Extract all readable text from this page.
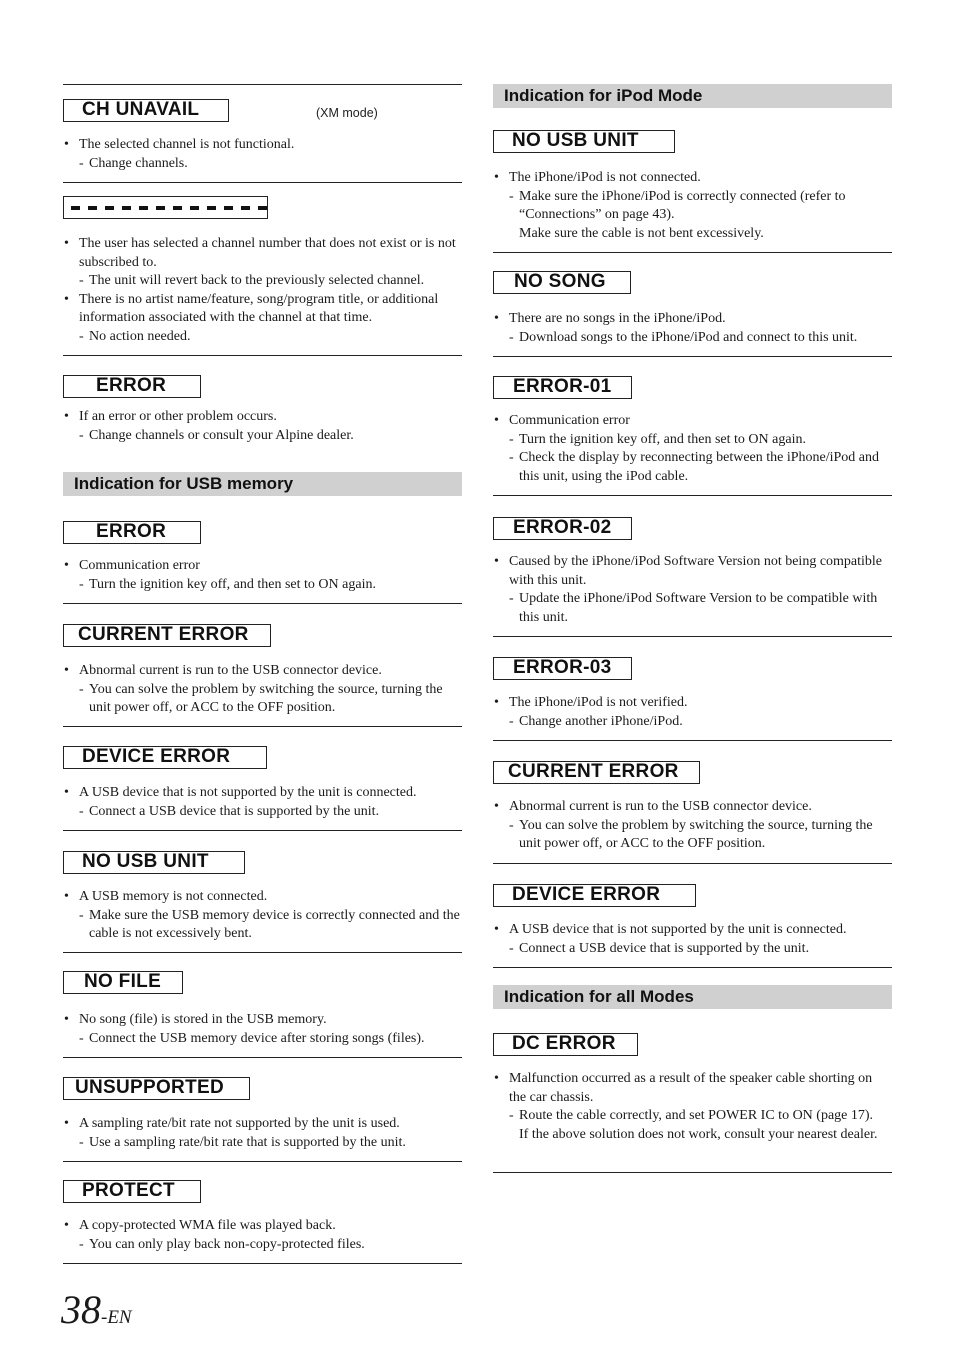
CH UNAVAIL	(XM mode)
• The selected channel is not functional.
- Change channels.
• The user has selected a channel number that does not exist or is not subscribed to.
- The unit will revert back to the previously selected channel.
• There is no artist name/feature, song/program title, or additional information associated with the channel at that time.
- No action needed.
ERROR
• If an error or other problem occurs.
- Change channels or consult your Alpine dealer.
Indication for USB memory
ERROR
• Communication error
- Turn the ignition key off, and then set to ON again.
CURRENT ERROR
• Abnormal current is run to the USB connector device.
- You can solve the problem by switching the source, turning the unit power off, or ACC to the OFF position.
DEVICE ERROR
• A USB device that is not supported by the unit is connected.
- Connect a USB device that is supported by the unit.
NO USB UNIT
• A USB memory is not connected.
- Make sure the USB memory device is correctly connected and the cable is not excessively bent.
NO FILE
• No song (file) is stored in the USB memory.
- Connect the USB memory device after storing songs (files).
UNSUPPORTED
• A sampling rate/bit rate not supported by the unit is used.
- Use a sampling rate/bit rate that is supported by the unit.
PROTECT
• A copy-protected WMA file was played back.
- You can only play back non-copy-protected files.
Indication for iPod Mode
NO USB UNIT
• The iPhone/iPod is not connected.
- Make sure the iPhone/iPod is correctly connected (refer to “Connections” on page 43).
Make sure the cable is not bent excessively.
NO SONG
• There are no songs in the iPhone/iPod.
- Download songs to the iPhone/iPod and connect to this unit.
ERROR-01
• Communication error
- Turn the ignition key off, and then set to ON again.
- Check the display by reconnecting between the iPhone/iPod and this unit, using the iPod cable.
ERROR-02
• Caused by the iPhone/iPod Software Version not being compatible with this unit.
- Update the iPhone/iPod Software Version to be compatible with this unit.
ERROR-03
• The iPhone/iPod is not verified.
- Change another iPhone/iPod.
CURRENT ERROR
• Abnormal current is run to the USB connector device.
- You can solve the problem by switching the source, turning the unit power off, or ACC to the OFF position.
DEVICE ERROR
• A USB device that is not supported by the unit is connected.
- Connect a USB device that is supported by the unit.
Indication for all Modes
DC ERROR
• Malfunction occurred as a result of the speaker cable shorting on the car chassis.
- Route the cable correctly, and set POWER IC to ON (page 17).
If the above solution does not work, consult your nearest dealer.
38-EN
